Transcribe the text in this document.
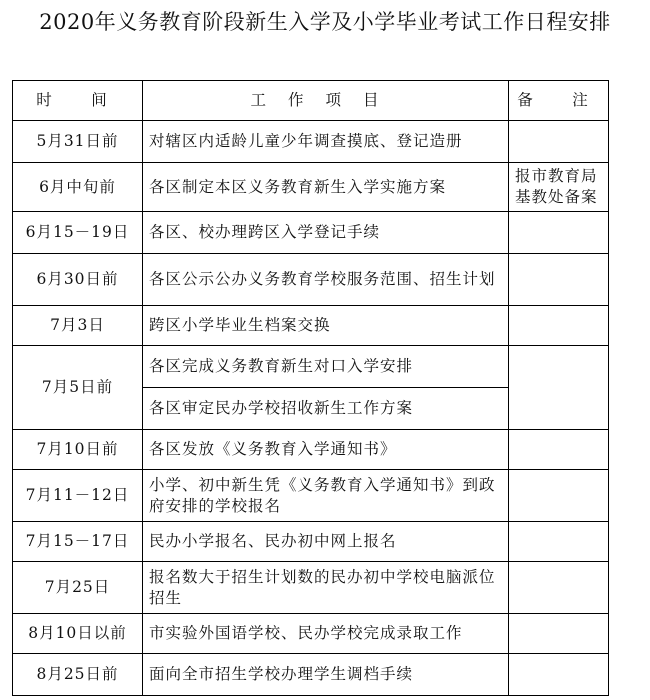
2020年义务教育阶段新生入学及小学毕业考试工作日程安排
时　间	工作项目	备　注
5月31日前	对辖区内适龄儿童少年调查摸底、登记造册	
6月中旬前	各区制定本区义务教育新生入学实施方案	报市教育局基教处备案
6月15－19日	各区、校办理跨区入学登记手续	
6月30日前	各区公示公办义务教育学校服务范围、招生计划	
7月3日	跨区小学毕业生档案交换	
7月5日前	各区完成义务教育新生对口入学安排	
	各区审定民办学校招收新生工作方案	
7月10日前	各区发放《义务教育入学通知书》	
7月11－12日	小学、初中新生凭《义务教育入学通知书》到政府安排的学校报名	
7月15－17日	民办小学报名、民办初中网上报名	
7月25日	报名数大于招生计划数的民办初中学校电脑派位招生	
8月10日以前	市实验外国语学校、民办学校完成录取工作	
8月25日前	面向全市招生学校办理学生调档手续	
